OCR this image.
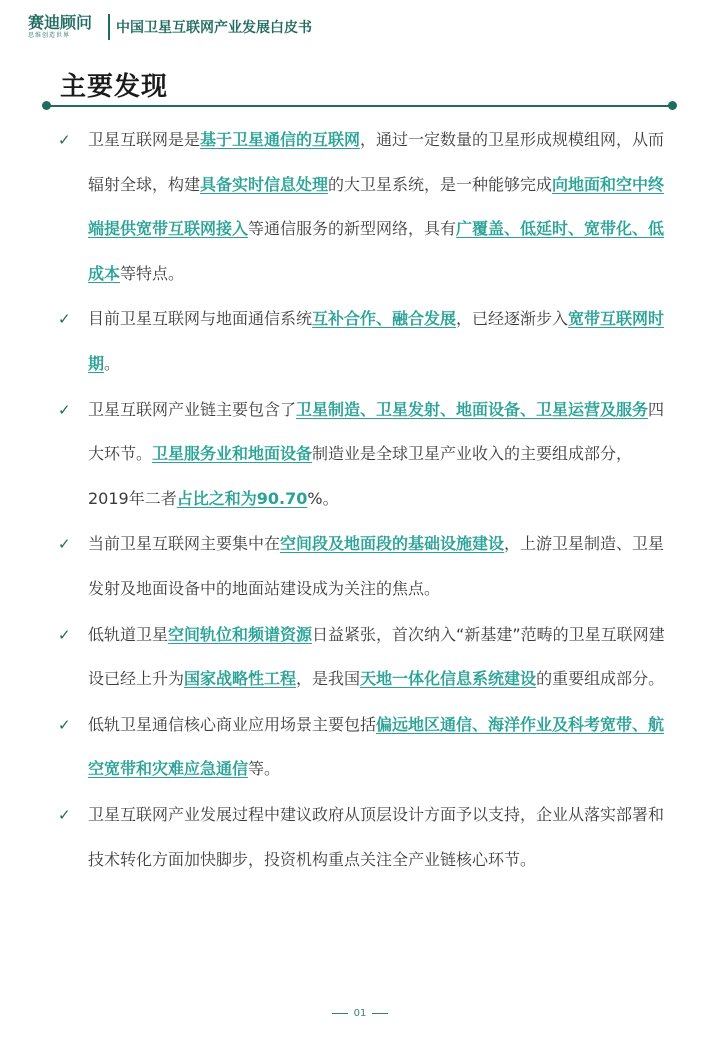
赛迪顾问
思维创造世界	中国卫星互联网产业发展白皮书
主要发现
✓ 卫星互联网是是基于卫星通信的互联网，通过一定数量的卫星形成规模组网，从而辐射全球，构建具备实时信息处理的大卫星系统，是一种能够完成向地面和空中终端提供宽带互联网接入等通信服务的新型网络，具有广覆盖、低延时、宽带化、低成本等特点。
✓ 目前卫星互联网与地面通信系统互补合作、融合发展，已经逐渐步入宽带互联网时期。
✓ 卫星互联网产业链主要包含了卫星制造、卫星发射、地面设备、卫星运营及服务四大环节。卫星服务业和地面设备制造业是全球卫星产业收入的主要组成部分，2019年二者占比之和为90.70%。
✓ 当前卫星互联网主要集中在空间段及地面段的基础设施建设，上游卫星制造、卫星发射及地面设备中的地面站建设成为关注的焦点。
✓ 低轨道卫星空间轨位和频谱资源日益紧张，首次纳入“新基建”范畴的卫星互联网建设已经上升为国家战略性工程，是我国天地一体化信息系统建设的重要组成部分。
✓ 低轨卫星通信核心商业应用场景主要包括偏远地区通信、海洋作业及科考宽带、航空宽带和灾难应急通信等。
✓ 卫星互联网产业发展过程中建议政府从顶层设计方面予以支持，企业从落实部署和技术转化方面加快脚步，投资机构重点关注全产业链核心环节。
01
